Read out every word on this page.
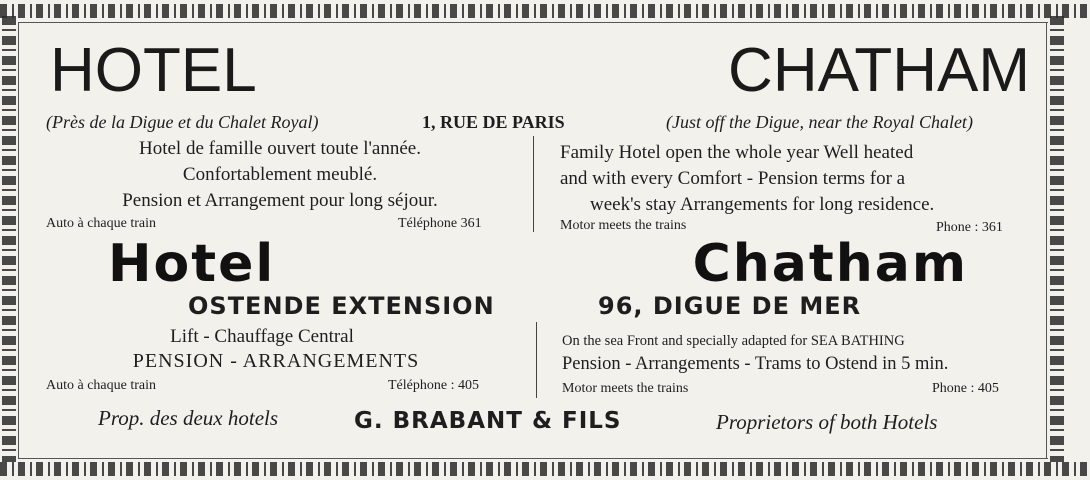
HOTEL CHATHAM
(Près de la Digue et du Chalet Royal)	1, RUE DE PARIS	(Just off the Digue, near the Royal Chalet)
Hotel de famille ouvert toute l'année.
Confortablement meublé.
Pension et Arrangement pour long séjour.
Auto à chaque train	Téléphone 361
Family Hotel open the whole year Well heated
and with every Comfort - Pension terms for a
week's stay Arrangements for long residence.
Motor meets the trains	Phone : 361
Hotel Chatham
OSTENDE EXTENSION	96, DIGUE DE MER
Lift - Chauffage Central
PENSION - ARRANGEMENTS
Auto à chaque train	Téléphone : 405
On the sea Front and specially adapted for SEA BATHING
Pension - Arrangements - Trams to Ostend in 5 min.
Motor meets the trains	Phone : 405
Prop. des deux hotels	G. BRABANT & FILS	Proprietors of both Hotels
